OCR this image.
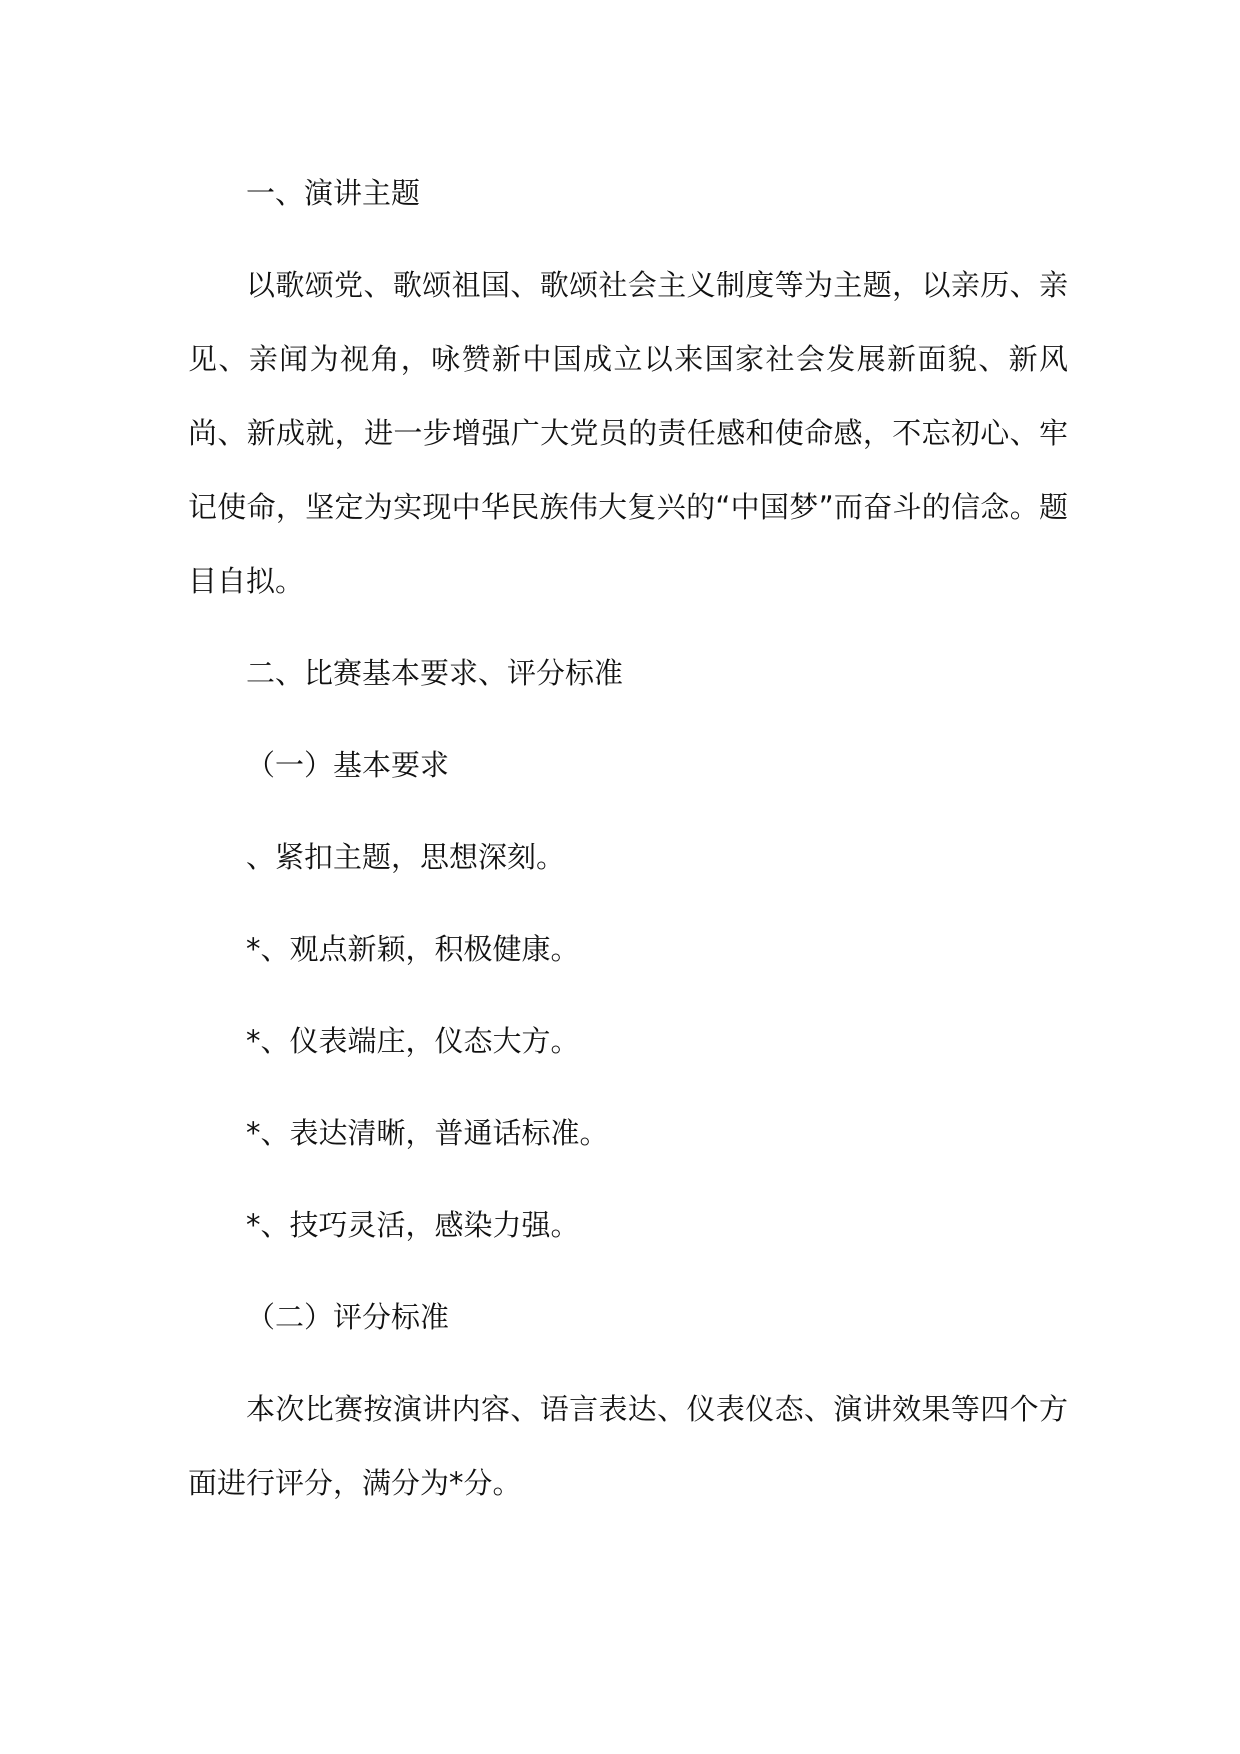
一、演讲主题

以歌颂党、歌颂祖国、歌颂社会主义制度等为主题，以亲历、亲见、亲闻为视角，咏赞新中国成立以来国家社会发展新面貌、新风尚、新成就，进一步增强广大党员的责任感和使命感，不忘初心、牢记使命，坚定为实现中华民族伟大复兴的“中国梦”而奋斗的信念。题目自拟。

二、比赛基本要求、评分标准
（一）基本要求
、紧扣主题，思想深刻。
*、观点新颖，积极健康。
*、仪表端庄，仪态大方。
*、表达清晰，普通话标准。
*、技巧灵活，感染力强。
（二）评分标准

本次比赛按演讲内容、语言表达、仪表仪态、演讲效果等四个方面进行评分，满分为*分。
